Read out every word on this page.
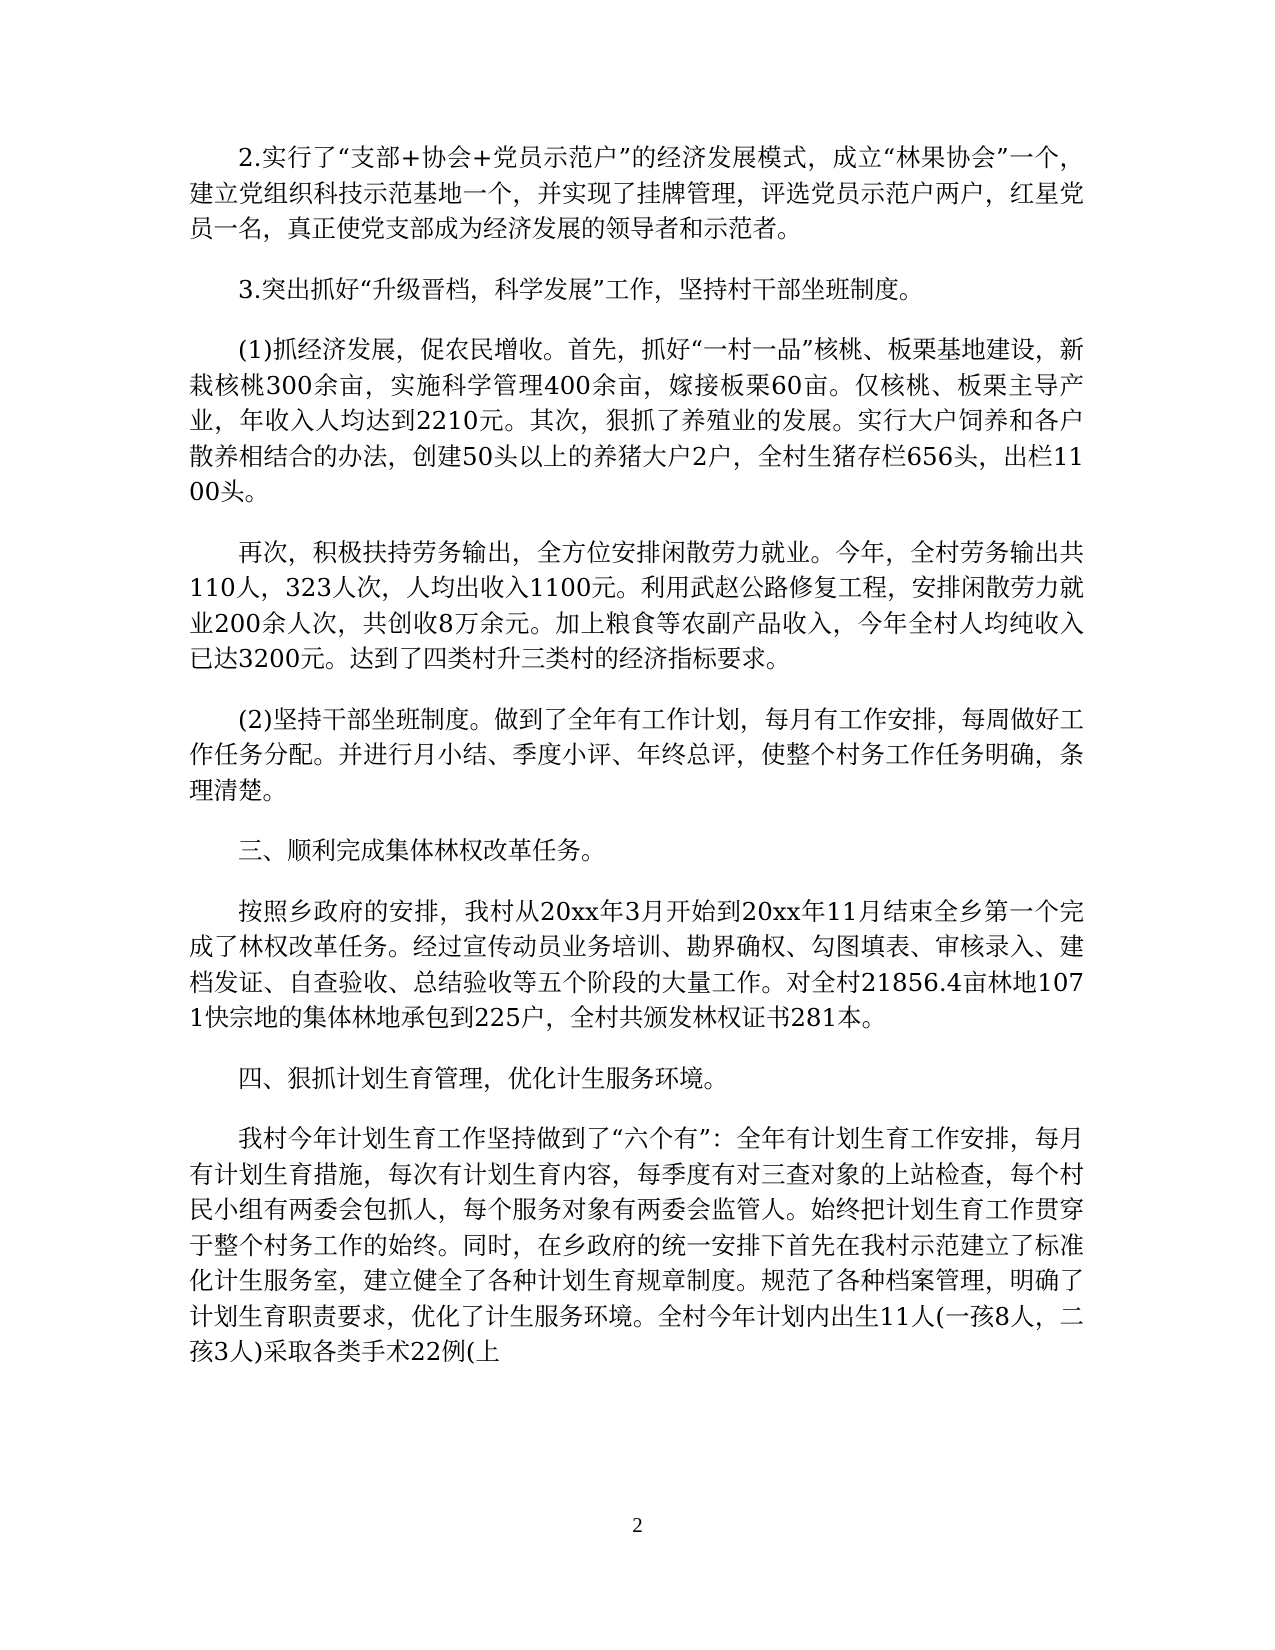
2.实行了“支部+协会+党员示范户”的经济发展模式，成立“林果协会”一个，建立党组织科技示范基地一个，并实现了挂牌管理，评选党员示范户两户，红星党员一名，真正使党支部成为经济发展的领导者和示范者。

3.突出抓好“升级晋档，科学发展”工作，坚持村干部坐班制度。

(1)抓经济发展，促农民增收。首先，抓好“一村一品”核桃、板栗基地建设，新栽核桃300余亩，实施科学管理400余亩，嫁接板栗60亩。仅核桃、板栗主导产业，年收入人均达到2210元。其次，狠抓了养殖业的发展。实行大户饲养和各户散养相结合的办法，创建50头以上的养猪大户2户，全村生猪存栏656头，出栏1100头。

再次，积极扶持劳务输出，全方位安排闲散劳力就业。今年，全村劳务输出共110人，323人次，人均出收入1100元。利用武赵公路修复工程，安排闲散劳力就业200余人次，共创收8万余元。加上粮食等农副产品收入，今年全村人均纯收入已达3200元。达到了四类村升三类村的经济指标要求。

(2)坚持干部坐班制度。做到了全年有工作计划，每月有工作安排，每周做好工作任务分配。并进行月小结、季度小评、年终总评，使整个村务工作任务明确，条理清楚。

三、顺利完成集体林权改革任务。

按照乡政府的安排，我村从20xx年3月开始到20xx年11月结束全乡第一个完成了林权改革任务。经过宣传动员业务培训、勘界确权、勾图填表、审核录入、建档发证、自查验收、总结验收等五个阶段的大量工作。对全村21856.4亩林地1071快宗地的集体林地承包到225户，全村共颁发林权证书281本。

四、狠抓计划生育管理，优化计生服务环境。

我村今年计划生育工作坚持做到了“六个有”：全年有计划生育工作安排，每月有计划生育措施，每次有计划生育内容，每季度有对三查对象的上站检查，每个村民小组有两委会包抓人，每个服务对象有两委会监管人。始终把计划生育工作贯穿于整个村务工作的始终。同时，在乡政府的统一安排下首先在我村示范建立了标准化计生服务室，建立健全了各种计划生育规章制度。规范了各种档案管理，明确了计划生育职责要求，优化了计生服务环境。全村今年计划内出生11人(一孩8人，二孩3人)采取各类手术22例(上

2
